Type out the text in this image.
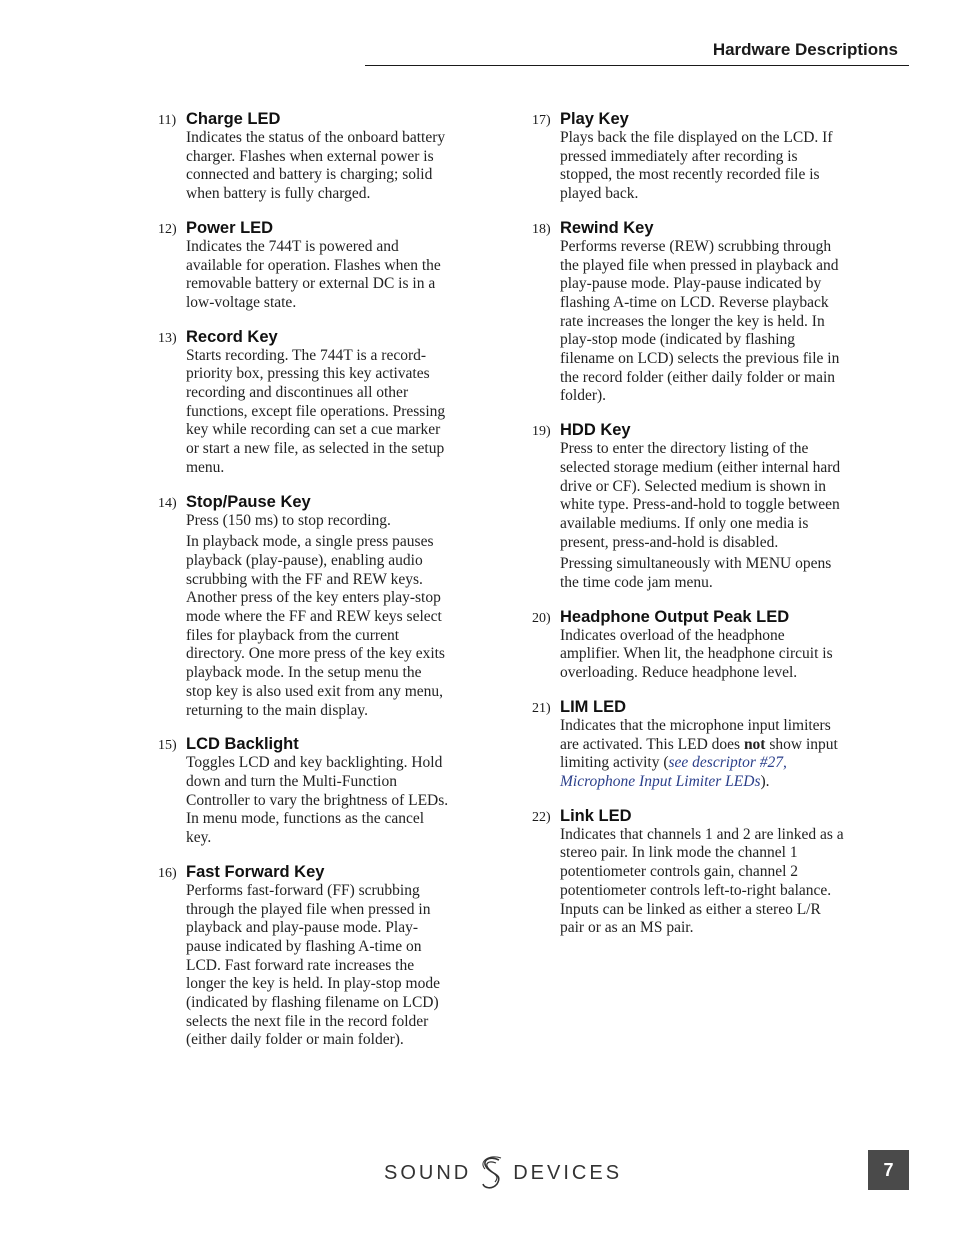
Hardware Descriptions
11) Charge LED

Indicates the status of the onboard battery charger. Flashes when external power is connected and battery is charging; solid when battery is fully charged.

12) Power LED

Indicates the 744T is powered and available for operation. Flashes when the removable battery or external DC is in a low-voltage state.

13) Record Key

Starts recording. The 744T is a record-priority box, pressing this key activates recording and discontinues all other functions, except file operations. Pressing key while recording can set a cue marker or start a new file, as selected in the setup menu.

14) Stop/Pause Key

Press (150 ms) to stop recording.

In playback mode, a single press pauses playback (play-pause), enabling audio scrubbing with the FF and REW keys. Another press of the key enters play-stop mode where the FF and REW keys select files for playback from the current directory. One more press of the key exits playback mode. In the setup menu the stop key is also used exit from any menu, returning to the main display.

15) LCD Backlight

Toggles LCD and key backlighting. Hold down and turn the Multi-Function Controller to vary the brightness of LEDs. In menu mode, functions as the cancel key.

16) Fast Forward Key

Performs fast-forward (FF) scrubbing through the played file when pressed in playback and play-pause mode. Play-pause indicated by flashing A-time on LCD. Fast forward rate increases the longer the key is held. In play-stop mode (indicated by flashing filename on LCD) selects the next file in the record folder (either daily folder or main folder).

17) Play Key

Plays back the file displayed on the LCD. If pressed immediately after recording is stopped, the most recently recorded file is played back.

18) Rewind Key

Performs reverse (REW) scrubbing through the played file when pressed in playback and play-pause mode. Play-pause indicated by flashing A-time on LCD. Reverse playback rate increases the longer the key is held. In play-stop mode (indicated by flashing filename on LCD) selects the previous file in the record folder (either daily folder or main folder).

19) HDD Key

Press to enter the directory listing of the selected storage medium (either internal hard drive or CF). Selected medium is shown in white type. Press-and-hold to toggle between available mediums. If only one media is present, press-and-hold is disabled.

Pressing simultaneously with MENU opens the time code jam menu.

20) Headphone Output Peak LED

Indicates overload of the headphone amplifier. When lit, the headphone circuit is overloading. Reduce headphone level.

21) LIM LED

Indicates that the microphone input limiters are activated. This LED does not show input limiting activity (see descriptor #27, Microphone Input Limiter LEDs).

22) Link LED

Indicates that channels 1 and 2 are linked as a stereo pair. In link mode the channel 1 potentiometer controls gain, channel 2 potentiometer controls left-to-right balance. Inputs can be linked as either a stereo L/R pair or as an MS pair.

SOUND DEVICES	7
